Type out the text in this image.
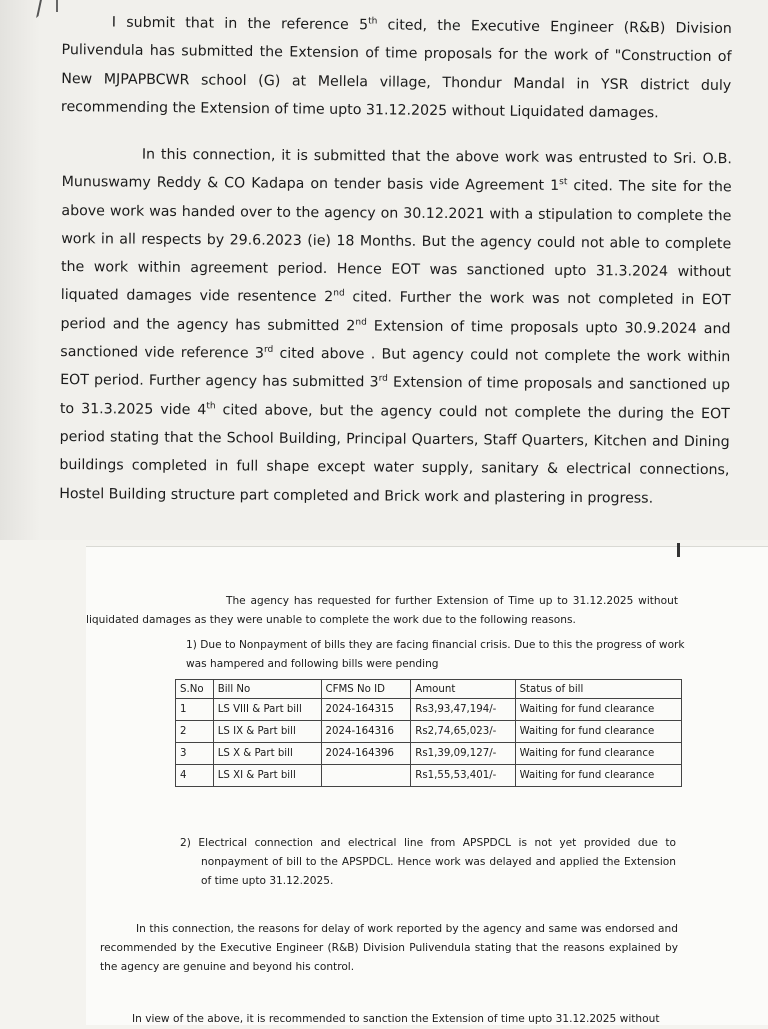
I submit that in the reference 5th cited, the Executive Engineer (R&B) Division Pulivendula has submitted the Extension of time proposals for the work of "Construction of New MJPAPBCWR school (G) at Mellela village, Thondur Mandal in YSR district duly recommending the Extension of time upto 31.12.2025 without Liquidated damages.

In this connection, it is submitted that the above work was entrusted to Sri. O.B. Munuswamy Reddy & CO Kadapa on tender basis vide Agreement 1st cited. The site for the above work was handed over to the agency on 30.12.2021 with a stipulation to complete the work in all respects by 29.6.2023 (ie) 18 Months. But the agency could not able to complete the work within agreement period. Hence EOT was sanctioned upto 31.3.2024 without liquated damages vide resentence 2nd cited. Further the work was not completed in EOT period and the agency has submitted 2nd Extension of time proposals upto 30.9.2024 and sanctioned vide reference 3rd cited above . But agency could not complete the work within EOT period. Further agency has submitted 3rd Extension of time proposals and sanctioned up to 31.3.2025 vide 4th cited above, but the agency could not complete the during the EOT period stating that the School Building, Principal Quarters, Staff Quarters, Kitchen and Dining buildings completed in full shape except water supply, sanitary & electrical connections, Hostel Building structure part completed and Brick work and plastering in progress.

The agency has requested for further Extension of Time up to 31.12.2025 without liquidated damages as they were unable to complete the work due to the following reasons.

1) Due to Nonpayment of bills they are facing financial crisis. Due to this the progress of work was hampered and following bills were pending

S.No	Bill No	CFMS No ID	Amount	Status of bill
1	LS VIII & Part bill	2024-164315	Rs3,93,47,194/-	Waiting for fund clearance
2	LS IX & Part bill	2024-164316	Rs2,74,65,023/-	Waiting for fund clearance
3	LS X & Part bill	2024-164396	Rs1,39,09,127/-	Waiting for fund clearance
4	LS XI & Part bill		Rs1,55,53,401/-	Waiting for fund clearance

2) Electrical connection and electrical line from APSPDCL is not yet provided due to nonpayment of bill to the APSPDCL. Hence work was delayed and applied the Extension of time upto 31.12.2025.

In this connection, the reasons for delay of work reported by the agency and same was endorsed and recommended by the Executive Engineer (R&B) Division Pulivendula stating that the reasons explained by the agency are genuine and beyond his control.

In view of the above, it is recommended to sanction the Extension of time upto 31.12.2025 without
